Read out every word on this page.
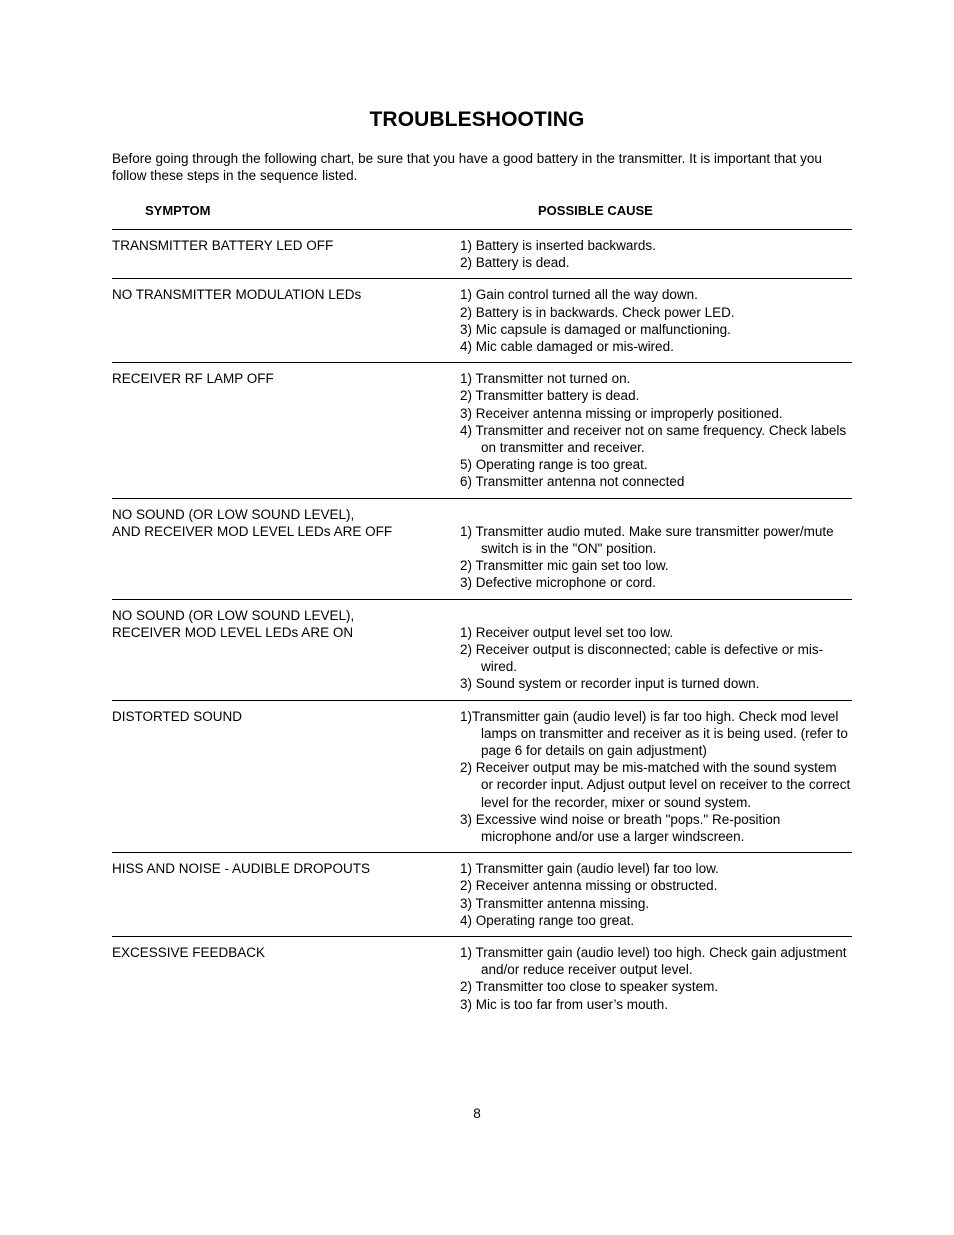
TROUBLESHOOTING
Before going through the following chart, be sure that you have a good battery in the transmitter. It is important that you follow these steps in the sequence listed.
SYMPTOM	POSSIBLE CAUSE
TRANSMITTER BATTERY LED OFF	1) Battery is inserted backwards.
2) Battery is dead.
NO TRANSMITTER MODULATION LEDs	1) Gain control turned all the way down.
2) Battery is in backwards. Check power LED.
3) Mic capsule is damaged or malfunctioning.
4) Mic cable damaged or mis-wired.
RECEIVER RF LAMP OFF	1) Transmitter not turned on.
2) Transmitter battery is dead.
3) Receiver antenna missing or improperly positioned.
4) Transmitter and receiver not on same frequency. Check labels on transmitter and receiver.
5) Operating range is too great.
6) Transmitter antenna not connected
NO SOUND (OR LOW SOUND LEVEL),
AND RECEIVER MOD LEVEL LEDs ARE OFF	1) Transmitter audio muted. Make sure transmitter power/mute switch is in the "ON" position.
2) Transmitter mic gain set too low.
3) Defective microphone or cord.
NO SOUND (OR LOW SOUND LEVEL),
RECEIVER MOD LEVEL LEDs ARE ON	1) Receiver output level set too low.
2) Receiver output is disconnected; cable is defective or mis-wired.
3) Sound system or recorder input is turned down.
DISTORTED SOUND	1)Transmitter gain (audio level) is far too high. Check mod level lamps on transmitter and receiver as it is being used. (refer to page 6 for details on gain adjustment)
2) Receiver output may be mis-matched with the sound system or recorder input. Adjust output level on receiver to the correct level for the recorder, mixer or sound system.
3) Excessive wind noise or breath "pops." Re-position microphone and/or use a larger windscreen.
HISS AND NOISE - AUDIBLE DROPOUTS	1) Transmitter gain (audio level) far too low.
2) Receiver antenna missing or obstructed.
3) Transmitter antenna missing.
4) Operating range too great.
EXCESSIVE FEEDBACK	1) Transmitter gain (audio level) too high. Check gain adjustment and/or reduce receiver output level.
2) Transmitter too close to speaker system.
3) Mic is too far from user’s mouth.
8
